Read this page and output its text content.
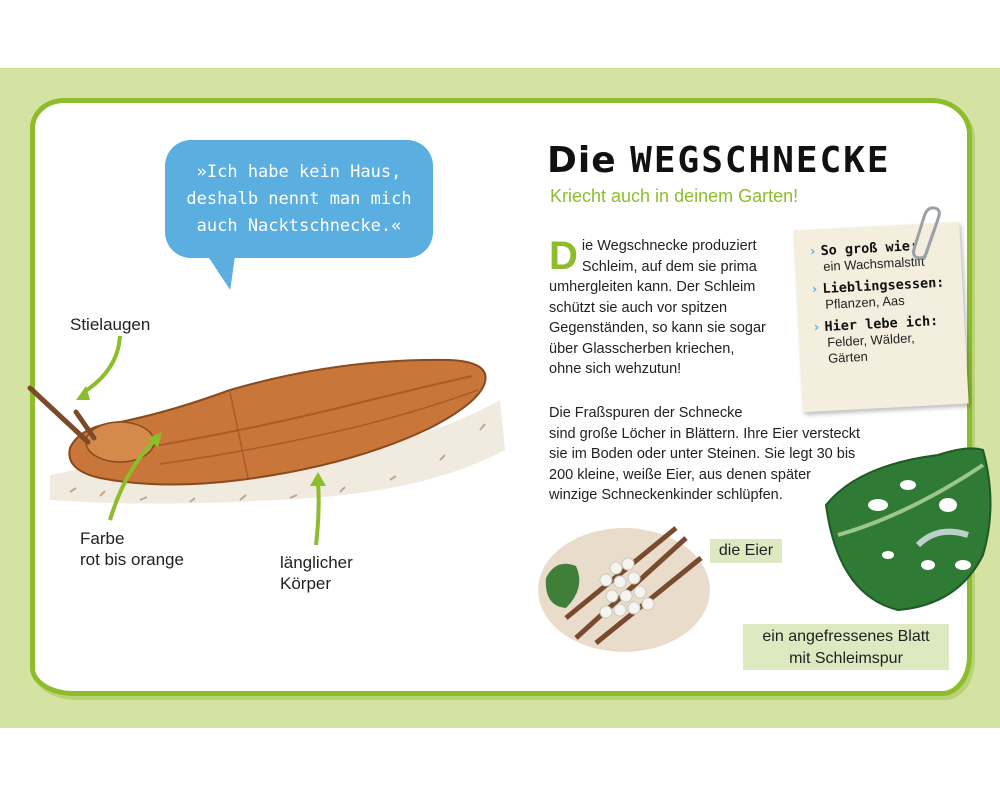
»Ich habe kein Haus,
deshalb nennt man mich
auch Nacktschnecke.«
Stielaugen
Farbe
rot bis orange	länglicher
Körper
Die WEGSCHNECKE
Kriecht auch in deinem Garten!
D ie Wegschnecke produziert
Schleim, auf dem sie prima
umhergleiten kann. Der Schleim
schützt sie auch vor spitzen
Gegenständen, so kann sie sogar
über Glasscherben kriechen,
ohne sich wehzutun!
Die Fraßspuren der Schnecke
sind große Löcher in Blättern. Ihre Eier versteckt
sie im Boden oder unter Steinen. Sie legt 30 bis
200 kleine, weiße Eier, aus denen später
winzige Schneckenkinder schlüpfen.
› So groß wie:
ein Wachsmalstift
› Lieblingsessen:
Pflanzen, Aas
› Hier lebe ich:
Felder, Wälder, Gärten
die Eier
ein angefressenes Blatt
mit Schleimspur
